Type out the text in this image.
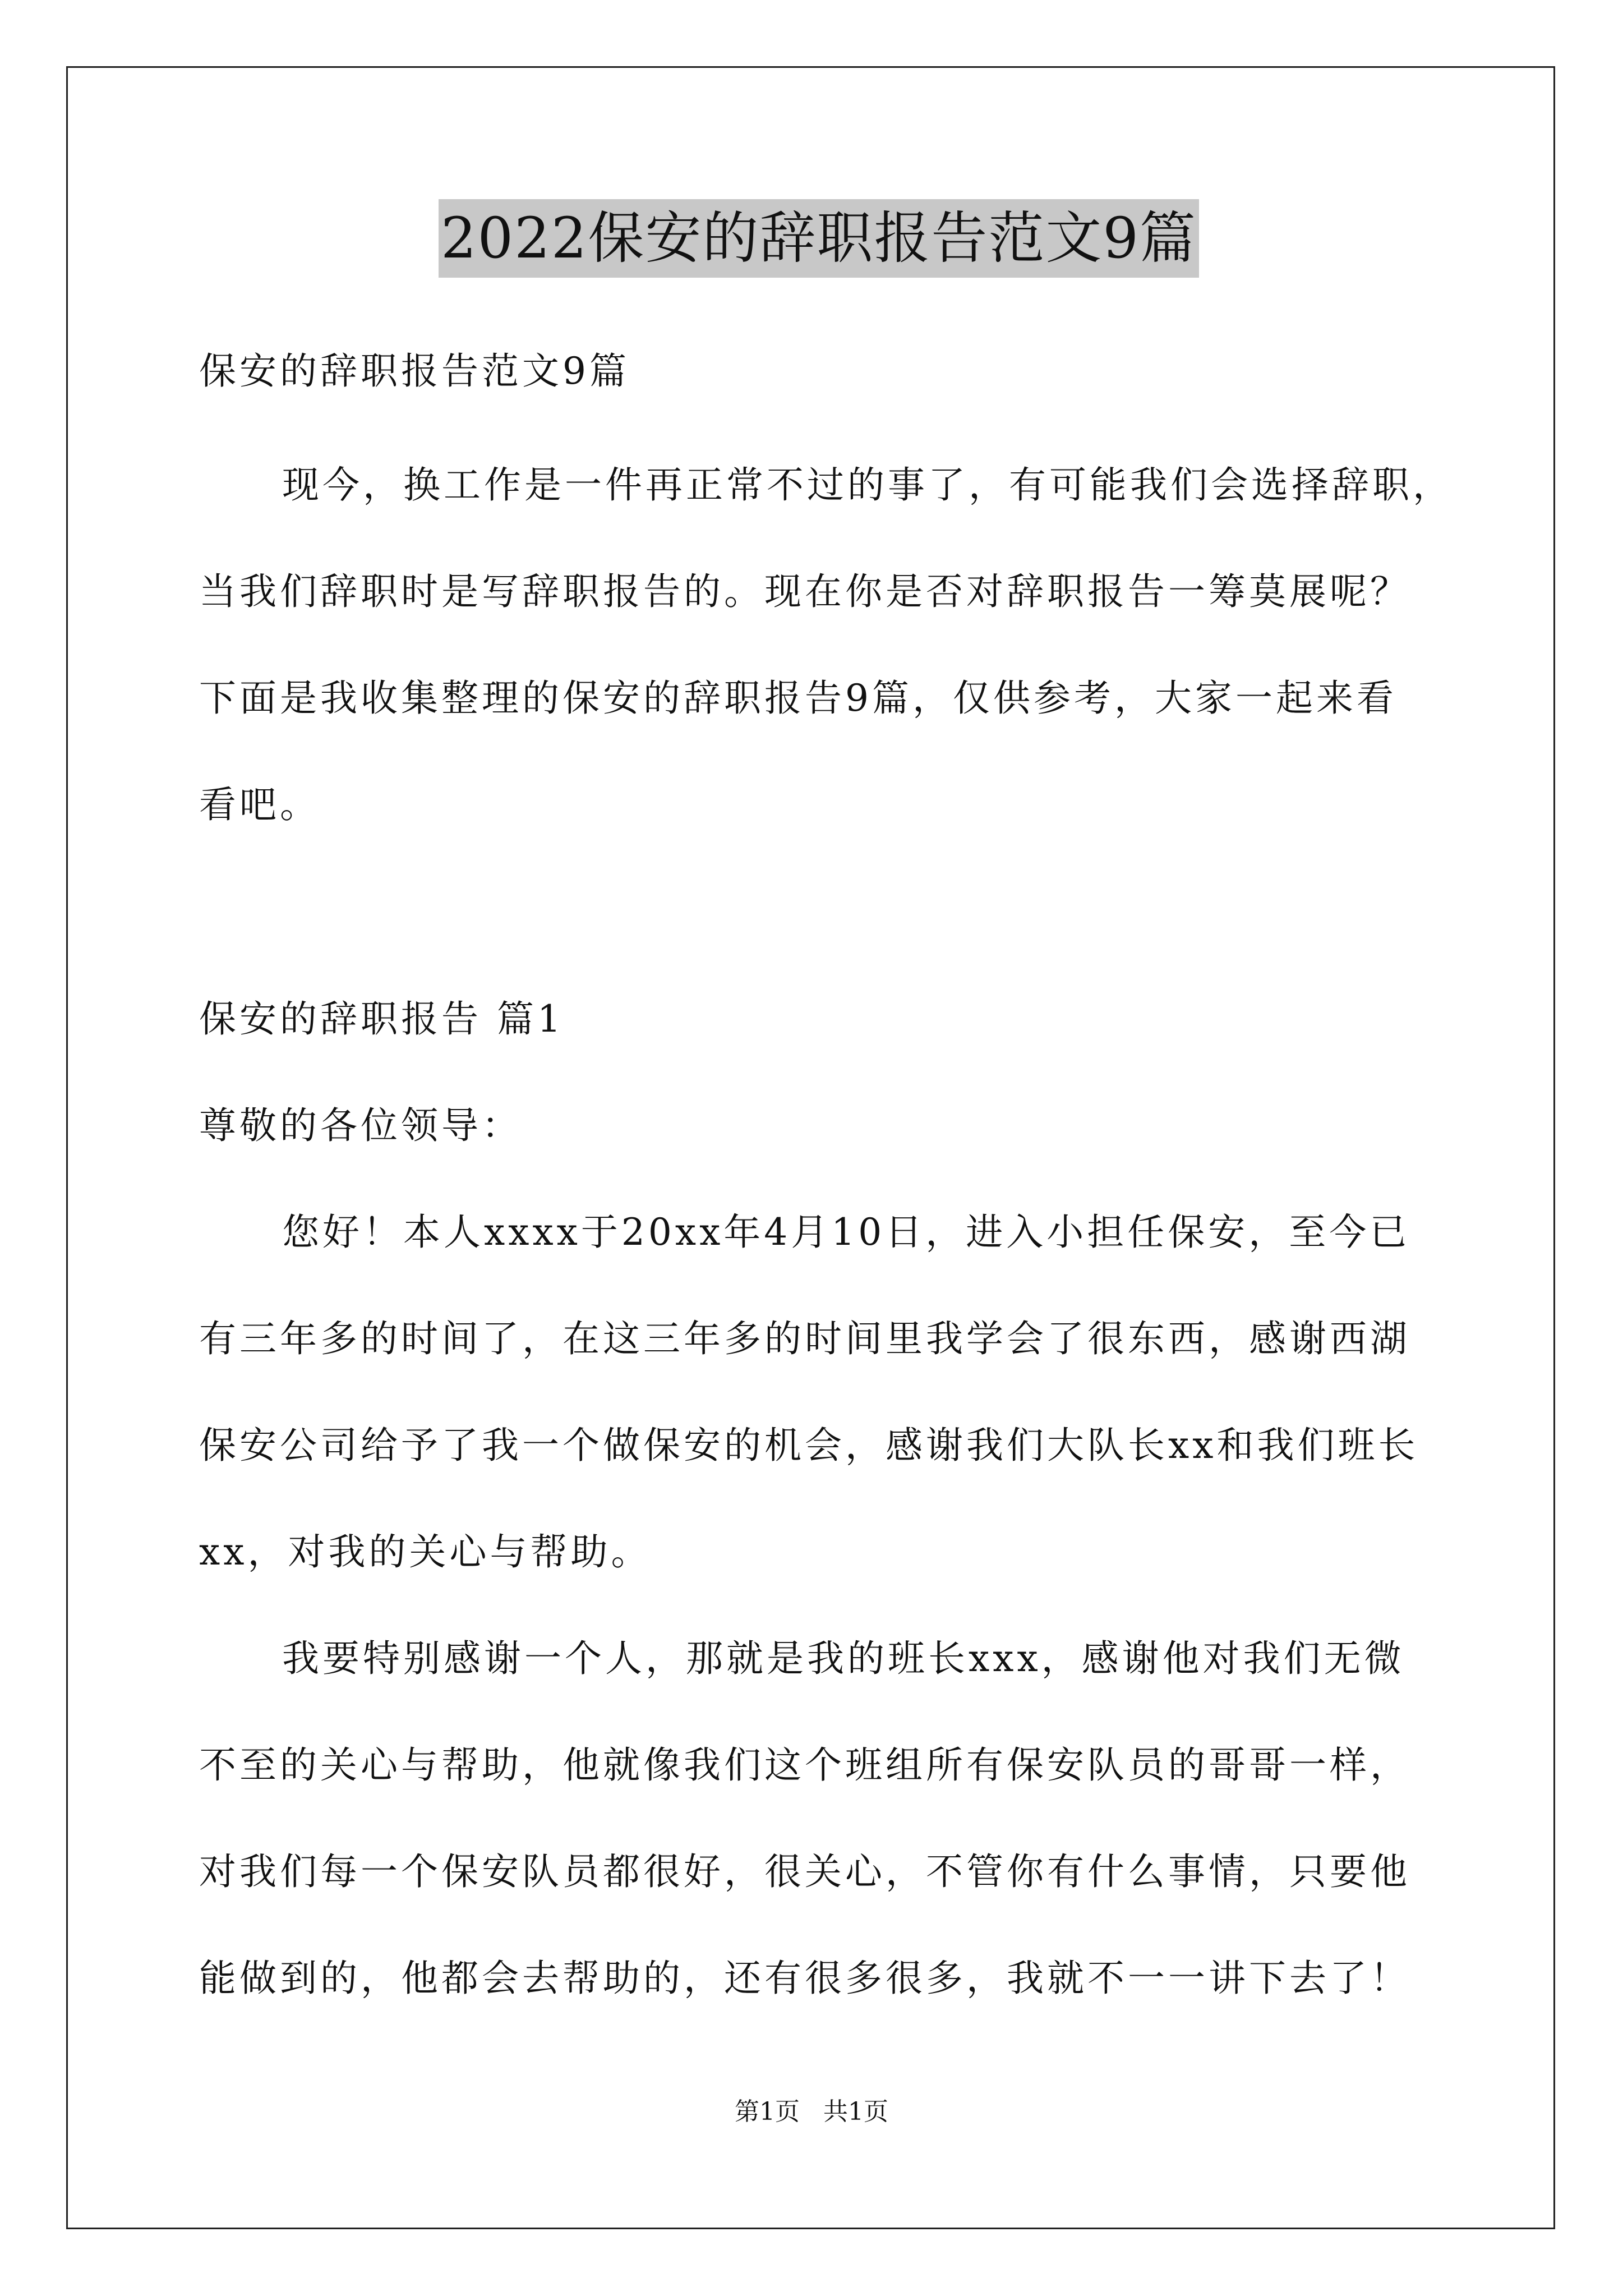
2022保安的辞职报告范文9篇
保安的辞职报告范文9篇
现今，换工作是一件再正常不过的事了，有可能我们会选择辞职，
当我们辞职时是写辞职报告的。现在你是否对辞职报告一筹莫展呢？
下面是我收集整理的保安的辞职报告9篇，仅供参考，大家一起来看
看吧。
保安的辞职报告 篇1
尊敬的各位领导：
您好！本人xxxx于20xx年4月10日，进入小担任保安，至今已
有三年多的时间了，在这三年多的时间里我学会了很东西，感谢西湖
保安公司给予了我一个做保安的机会，感谢我们大队长xx和我们班长
xx，对我的关心与帮助。
我要特别感谢一个人，那就是我的班长xxx，感谢他对我们无微
不至的关心与帮助，他就像我们这个班组所有保安队员的哥哥一样，
对我们每一个保安队员都很好，很关心，不管你有什么事情，只要他
能做到的，他都会去帮助的，还有很多很多，我就不一一讲下去了！
第1页   共1页
